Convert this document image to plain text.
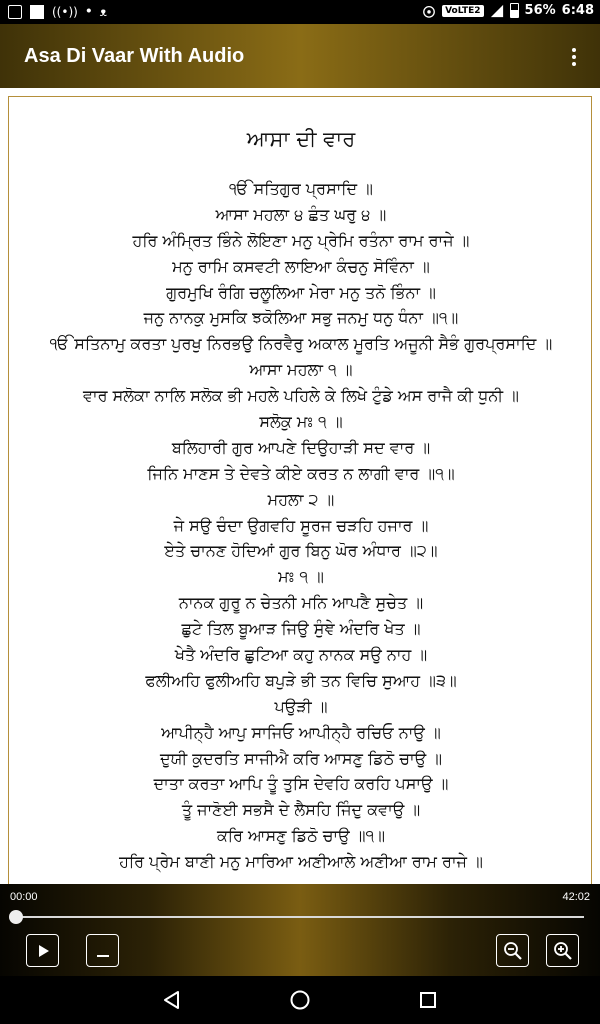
((•)) ꔷ ᴥ	VoLTE2	56% 6:48
Asa Di Vaar With Audio
ਆਸਾ ਦੀ ਵਾਰ
ੴ ਸਤਿਗੁਰ ਪ੍ਰਸਾਦਿ ॥
ਆਸਾ ਮਹਲਾ ੪ ਛੰਤ ਘਰੁ ੪ ॥
ਹਰਿ ਅੰਮ੍ਰਿਤ ਭਿੰਨੇ ਲੋਇਣਾ ਮਨੁ ਪ੍ਰੇਮਿ ਰਤੰਨਾ ਰਾਮ ਰਾਜੇ ॥
ਮਨੁ ਰਾਮਿ ਕਸਵਟੀ ਲਾਇਆ ਕੰਚਨੁ ਸੋਵਿੰਨਾ ॥
ਗੁਰਮੁਖਿ ਰੰਗਿ ਚਲੂਲਿਆ ਮੇਰਾ ਮਨੁ ਤਨੋ ਭਿੰਨਾ ॥
ਜਨੁ ਨਾਨਕੁ ਮੁਸਕਿ ਝਕੋਲਿਆ ਸਭੁ ਜਨਮੁ ਧਨੁ ਧੰਨਾ ॥੧॥
ੴ ਸਤਿਨਾਮੁ ਕਰਤਾ ਪੁਰਖੁ ਨਿਰਭਉ ਨਿਰਵੈਰੁ ਅਕਾਲ ਮੂਰਤਿ ਅਜੂਨੀ ਸੈਭੰ ਗੁਰਪ੍ਰਸਾਦਿ ॥
ਆਸਾ ਮਹਲਾ ੧ ॥
ਵਾਰ ਸਲੋਕਾ ਨਾਲਿ ਸਲੋਕ ਭੀ ਮਹਲੇ ਪਹਿਲੇ ਕੇ ਲਿਖੇ ਟੁੰਡੇ ਅਸ ਰਾਜੈ ਕੀ ਧੁਨੀ ॥
ਸਲੋਕੁ ਮਃ ੧ ॥
ਬਲਿਹਾਰੀ ਗੁਰ ਆਪਣੇ ਦਿਉਹਾੜੀ ਸਦ ਵਾਰ ॥
ਜਿਨਿ ਮਾਣਸ ਤੇ ਦੇਵਤੇ ਕੀਏ ਕਰਤ ਨ ਲਾਗੀ ਵਾਰ ॥੧॥
ਮਹਲਾ ੨ ॥
ਜੇ ਸਉ ਚੰਦਾ ਉਗਵਹਿ ਸੂਰਜ ਚੜਹਿ ਹਜਾਰ ॥
ਏਤੇ ਚਾਨਣ ਹੋਦਿਆਂ ਗੁਰ ਬਿਨੁ ਘੋਰ ਅੰਧਾਰ ॥੨॥
ਮਃ ੧ ॥
ਨਾਨਕ ਗੁਰੂ ਨ ਚੇਤਨੀ ਮਨਿ ਆਪਣੈ ਸੁਚੇਤ ॥
ਛੁਟੇ ਤਿਲ ਬੂਆੜ ਜਿਉ ਸੁੰਞੇ ਅੰਦਰਿ ਖੇਤ ॥
ਖੇਤੈ ਅੰਦਰਿ ਛੁਟਿਆ ਕਹੁ ਨਾਨਕ ਸਉ ਨਾਹ ॥
ਫਲੀਅਹਿ ਫੁਲੀਅਹਿ ਬਪੁੜੇ ਭੀ ਤਨ ਵਿਚਿ ਸੁਆਹ ॥੩॥
ਪਉੜੀ ॥
ਆਪੀਨ੍ਹੈ ਆਪੁ ਸਾਜਿਓ ਆਪੀਨ੍ਹੈ ਰਚਿਓ ਨਾਉ ॥
ਦੁਯੀ ਕੁਦਰਤਿ ਸਾਜੀਐ ਕਰਿ ਆਸਣੁ ਡਿਠੋ ਚਾਉ ॥
ਦਾਤਾ ਕਰਤਾ ਆਪਿ ਤੂੰ ਤੁਸਿ ਦੇਵਹਿ ਕਰਹਿ ਪਸਾਉ ॥
ਤੂੰ ਜਾਣੋਈ ਸਭਸੈ ਦੇ ਲੈਸਹਿ ਜਿੰਦੁ ਕਵਾਉ ॥
ਕਰਿ ਆਸਣੁ ਡਿਠੋ ਚਾਉ ॥੧॥
ਹਰਿ ਪ੍ਰੇਮ ਬਾਣੀ ਮਨੁ ਮਾਰਿਆ ਅਣੀਆਲੇ ਅਣੀਆ ਰਾਮ ਰਾਜੇ ॥
00:00	42:02
